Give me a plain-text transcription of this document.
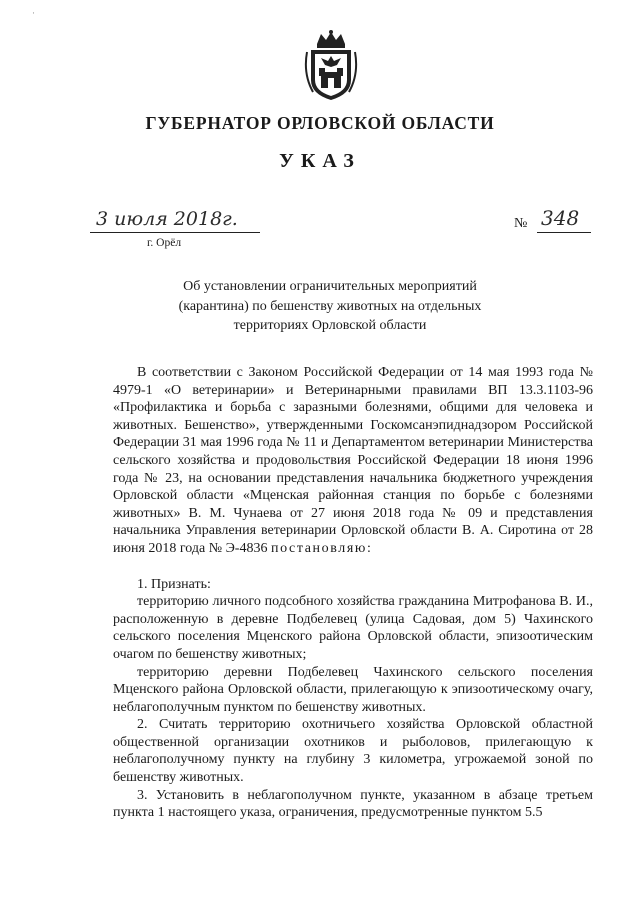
·
ГУБЕРНАТОР ОРЛОВСКОЙ ОБЛАСТИ
УКАЗ
3 июля 2018г.
г. Орёл
№ 348
Об установлении ограничительных мероприятий
(карантина) по бешенству животных на отдельных
территориях Орловской области

В соответствии с Законом Российской Федерации от 14 мая 1993 года № 4979-1 «О ветеринарии» и Ветеринарными правилами ВП 13.3.1103-96 «Профилактика и борьба с заразными болезнями, общими для человека и животных. Бешенство», утвержденными Госкомсанэпиднадзором Российской Федерации 31 мая 1996 года № 11 и Департаментом ветеринарии Министерства сельского хозяйства и продовольствия Российской Федерации 18 июня 1996 года № 23, на основании представления начальника бюджетного учреждения Орловской области «Мценская районная станция по борьбе с болезнями животных» В. М. Чунаева от 27 июня 2018 года № 09 и представления начальника Управления ветеринарии Орловской области В. А. Сиротина от 28 июня 2018 года № Э-4836 постановляю:

1. Признать:

территорию личного подсобного хозяйства гражданина Митрофанова В. И., расположенную в деревне Подбелевец (улица Садовая, дом 5) Чахинского сельского поселения Мценского района Орловской области, эпизоотическим очагом по бешенству животных;

территорию деревни Подбелевец Чахинского сельского поселения Мценского района Орловской области, прилегающую к эпизоотическому очагу, неблагополучным пунктом по бешенству животных.

2. Считать территорию охотничьего хозяйства Орловской областной общественной организации охотников и рыболовов, прилегающую к неблагополучному пункту на глубину 3 километра, угрожаемой зоной по бешенству животных.

3. Установить в неблагополучном пункте, указанном в абзаце третьем пункта 1 настоящего указа, ограничения, предусмотренные пунктом 5.5
